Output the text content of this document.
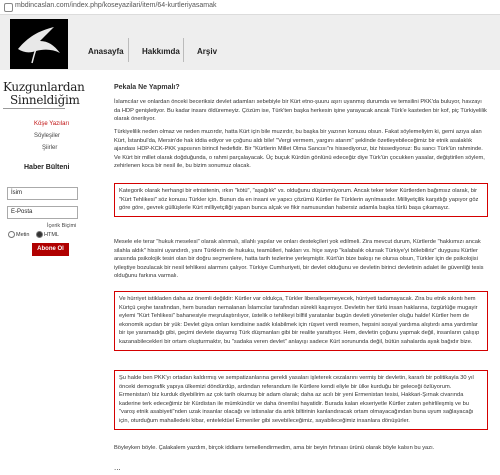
mbdincaslan.com/index.php/koseyazilari/item/64-kurtleriyasamak
Anasayfa Hakkımda Arşiv
Kuzgunlardan
Sinneldiğim
Köşe Yazıları
Söyleşiler
Şiirler
Haber Bülteni
İsim
E-Posta
İçerik Biçimi
Metin	HTML
Abone Ol
Pekala Ne Yapmalı?

İslamcılar ve onlardan önceki beceriksiz devlet adamları sebebiyle bir Kürt etno-şuuru aşırı uyanmış durumda ve temsilini PKK'da buluyor, havzayı da HDP genişletiyor. Bu kadar insanı öldüremeyiz. Çözüm ise, Türk'ten başka herkesin işine yarayacak ancak Türk'e kasteden bir kof, piç Türkiyelilik olarak önerilıyor.

Türkiyelilik neden olmaz ve neden muzırdır, hatta Kürt için bile muzırdır, bu başka bir yazının konusu olsun. Fakat söylemeliyim ki, gemi azıya alan Kürt, İstanbul'da, Mersin'de hak iddia ediyor ve çoğunu aldı bile! "Vergi vermem, yargını atarım" şeklinde özetleyebileceğimiz bir etnik asalaklık ajandası HDP-KCK-PKK yapısının birincil hedefidir. Bir "Kürtlerin Millet Olma Sancısı"nı hissediyoruz, biz hissediyoruz: Bu sancı Türk'ün rahminde. Ve Kürt bir millet olarak doğduğunda, o rahmi parçalayacak. Üç buçuk Kürdün gönlünü edeceğiz diye Türk'ün çocukken yasalar, değiştirilen söylem, zehirlenen koca bir nesil ile, bu bizim sonumuz olacak.

Kategorik olarak herhangi bir etnisitenin, ırkın "kötü", "aşağılık" vs. olduğunu düşünmüyorum. Ancak teker teker Kürtlerden bağımsız olarak, bir "Kürt Tehlikesi" söz konusu Türkler için. Bunun da en insani ve yapıcı çözümü Kürtler ile Türklerin ayrılmasıdır. Milliyetçilik karşıtlığı yapıyor göz göre göre, gevrek güllüşlerle Kürt milliyetçiliği yapan bunca alçak ve fikir namusundan habersiz adamla başka türlü başa çıkamayız.

Mesele ele terar "hukuk meselesi" olarak alınmalı, silahlı yapılar ve onları destekçileri yok edilmeli. Zira mevcut durum, Kürtlerde "hakkımızı ancak silahla aldık" hissini uyandırdı, yanı Türklerin de hukuku, teamülleri, hakları vs. hiçe sayıp "kalabalık olursak Türkiye'yi bölebiliriz" duygusu Kürtler arasında psikolojik tesiri olan bir doğru seçmenlere, hatta tarih tezlerine yerleşmiştir. Kürt'ün bize bakışı ne olursa olsun, Türkler için de psikolojisi iyileştiye bozulacak bir nesil tehlikesi alarmını çalıyor. Türkiye Cumhuriyeti, bir devlet olduğunu ve devletin birinci devletinin adalet ile güvenliği tesis olduğunu farkına varmalı.

Ve hürriyet istikladen daha az önemli değildir: Kürtler var oldukça, Türkler liberalleşemeyecek, hürriyeti tadamayacak. Zira bu etnik sıkıntı hem Kürtçü çeşhe tarafından, hem buradan nemalanan İslamcılar tarafından sürekli kaşınıyor. Devletin her türlü insan haklarına, özgürlüğe mugayir eylemi "Kürt Tehlikesi" bahanesiyle meşrulaştırılıyor, üstelik o tehlikeyi bilfiil yaratanlar bugün devleti yönetenler oluğu halde! Kürtler hem de ekonomik açıdan bir yük: Devlet güya onları kendisine sadık kılabilmek için rüşvet verdi resmen, hepsini sosyal yardıma alıştırdı ama yardımlar bir işe yaramadığı gibi, geçimi devlete dayamış Türk düşmanları gibi bir realite yarattıyor. Hem, devletin çoğunu yapmak değil, insanların çalışıp kazanabilecekleri bir ortam oluşturmaktır, bu "sadaka veren devlet" anlayışı sadece Kürt sorununda değil, bütün sahalarda ayak bağıdır bize.

Şu halde ben PKK'yı ortadan kaldırmış ve sempatizanlarına gerekli yasaları işleterek cezalarını vermiş bir devletin, kararlı bir politikayla 30 yıl önceki demografik yapıya ülkemizi döndürdüp, ardından referandum ile Kürtlere kendi eliyle bir ülke kurduğu bir geleceği özlüyorum. Ermenistan'ı biz kurduk diyebilirim az çok tarih okumuş bir adam olarak; daha az acılı bir yeni Ermenistan tesisi, Hakkari-Şırnak civarında kaderine terk edeceğimiz bir Kürdistan ile mümkündür ve daha önemlisi hayatidir. Burada kalan ekseriyetle Kürtler zaten şehirlileşmiş ve bu "varoş etnik asabiyeti"nden uzak insanlar olacağı ve istisnalar da artık biltirinin kanlandıracak ortam olmayacağından buna uyum sağlayacağı için, oturduğum mahalledeki kibar, entelektüel Ermeniler gibi sevebileceğimiz, sayabileceğimiz insanlara dönüşürler.

Böyleyken böyle. Çalakalem yazdım, birçok iddiamı temellendirmedim, ama bir beyin fırtınası ürünü olarak böyle kalsın bu yazı.

...
